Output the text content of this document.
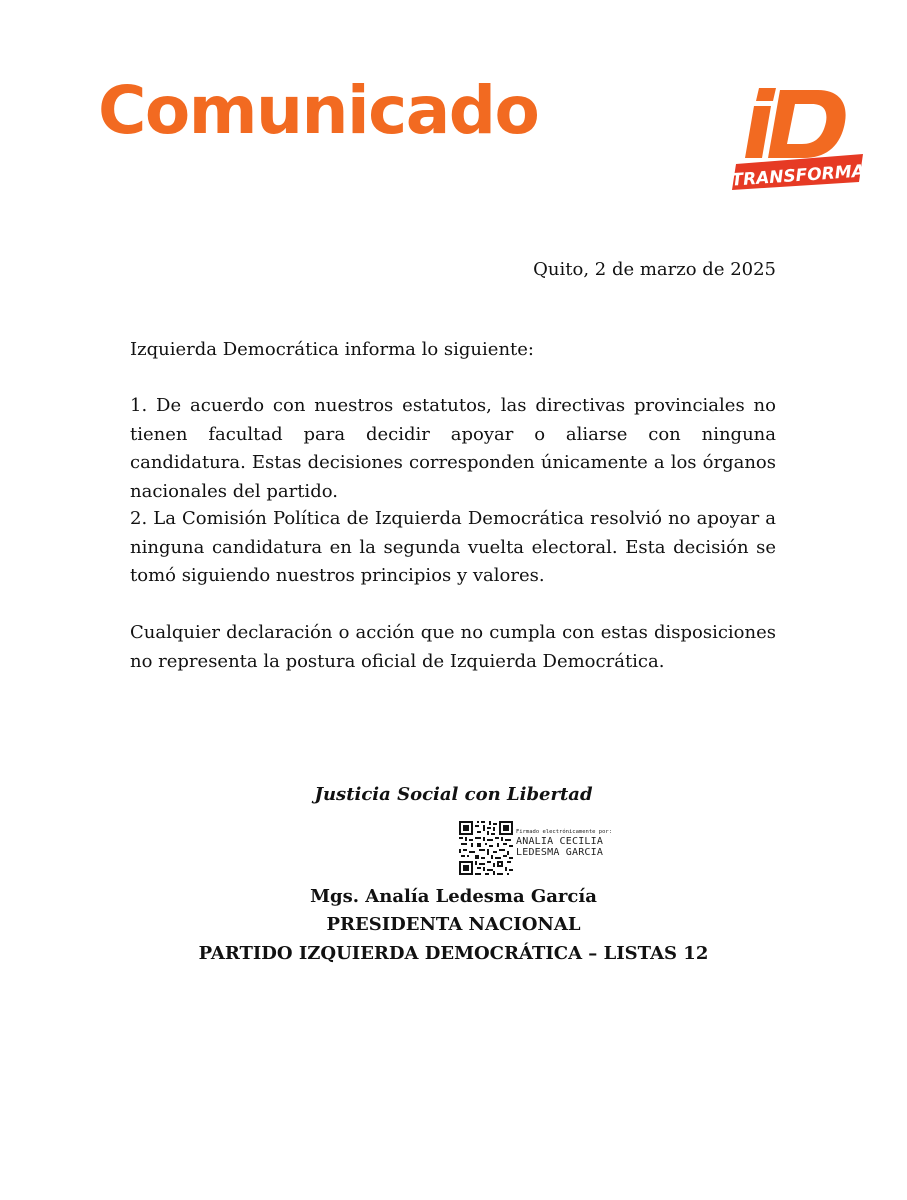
Comunicado
TRANSFORMA

Quito, 2 de marzo de 2025

Izquierda Democrática informa lo siguiente:

1. De acuerdo con nuestros estatutos, las directivas provinciales no tienen facultad para decidir apoyar o aliarse con ninguna candidatura. Estas decisiones corresponden únicamente a los órganos nacionales del partido.

2. La Comisión Política de Izquierda Democrática resolvió no apoyar a ninguna candidatura en la segunda vuelta electoral. Esta decisión se tomó siguiendo nuestros principios y valores.

Cualquier declaración o acción que no cumpla con estas disposiciones no representa la postura oficial de Izquierda Democrática.

Justicia Social con Libertad

Firmado electrónicamente por:
ANALIA CECILIA
LEDESMA GARCIA

Mgs. Analía Ledesma García

PRESIDENTA NACIONAL

PARTIDO IZQUIERDA DEMOCRÁTICA – LISTAS 12
